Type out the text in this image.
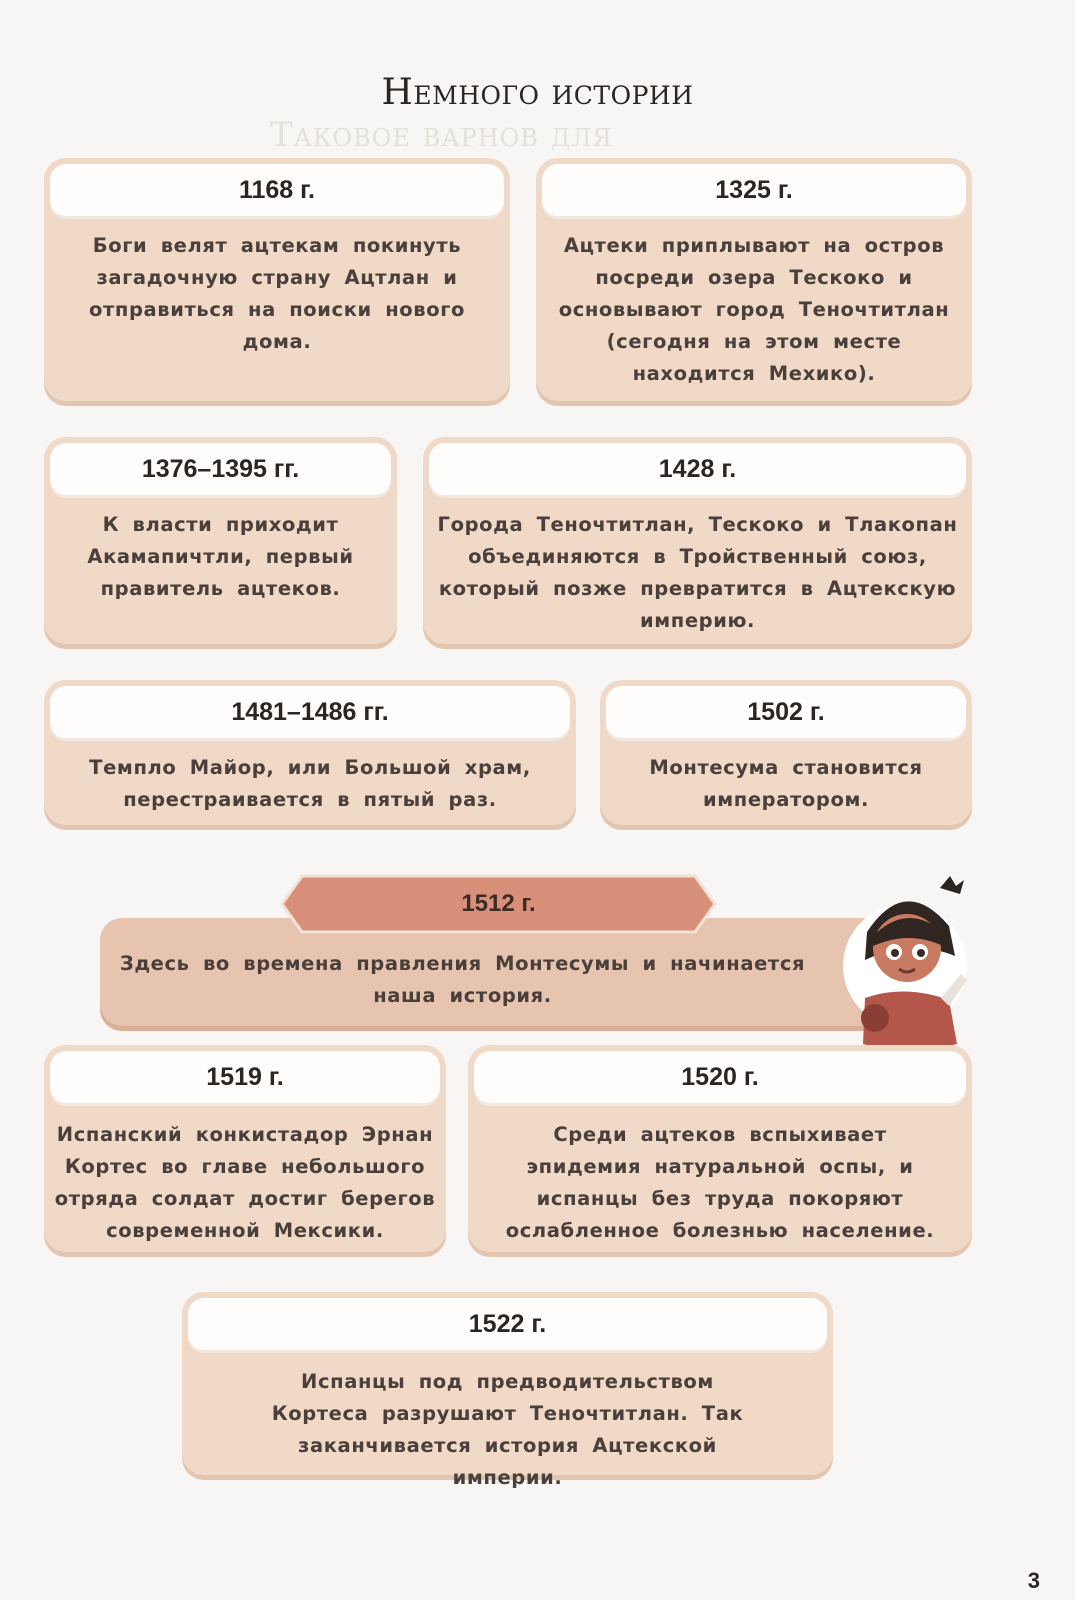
Таковое варнов для
Немного истории
1168 г.
Боги велят ацтекам покинуть загадочную страну Ацтлан и отправиться на поиски нового дома.
1325 г.
Ацтеки приплывают на остров посреди озера Тескоко и основывают город Теночтитлан (сегодня на этом месте находится Мехико).
1376–1395 гг.
К власти приходит Акамапичтли, первый правитель ацтеков.
1428 г.
Города Теночтитлан, Тескоко и Тлакопан объединяются в Тройственный союз, который позже превратится в Ацтекскую империю.
1481–1486 гг.
Темпло Майор, или Большой храм, перестраивается в пятый раз.
1502 г.
Монтесума становится императором.
Здесь во времена правления Монтесумы и начинается наша история.
1512 г.
1519 г.
Испанский конкистадор Эрнан Кортес во главе небольшого отряда солдат достиг берегов современной Мексики.
1520 г.
Среди ацтеков вспыхивает эпидемия натуральной оспы, и испанцы без труда покоряют ослабленное болезнью население.
1522 г.
Испанцы под предводительством Кортеса разрушают Теночтитлан. Так заканчивается история Ацтекской империи.
3
